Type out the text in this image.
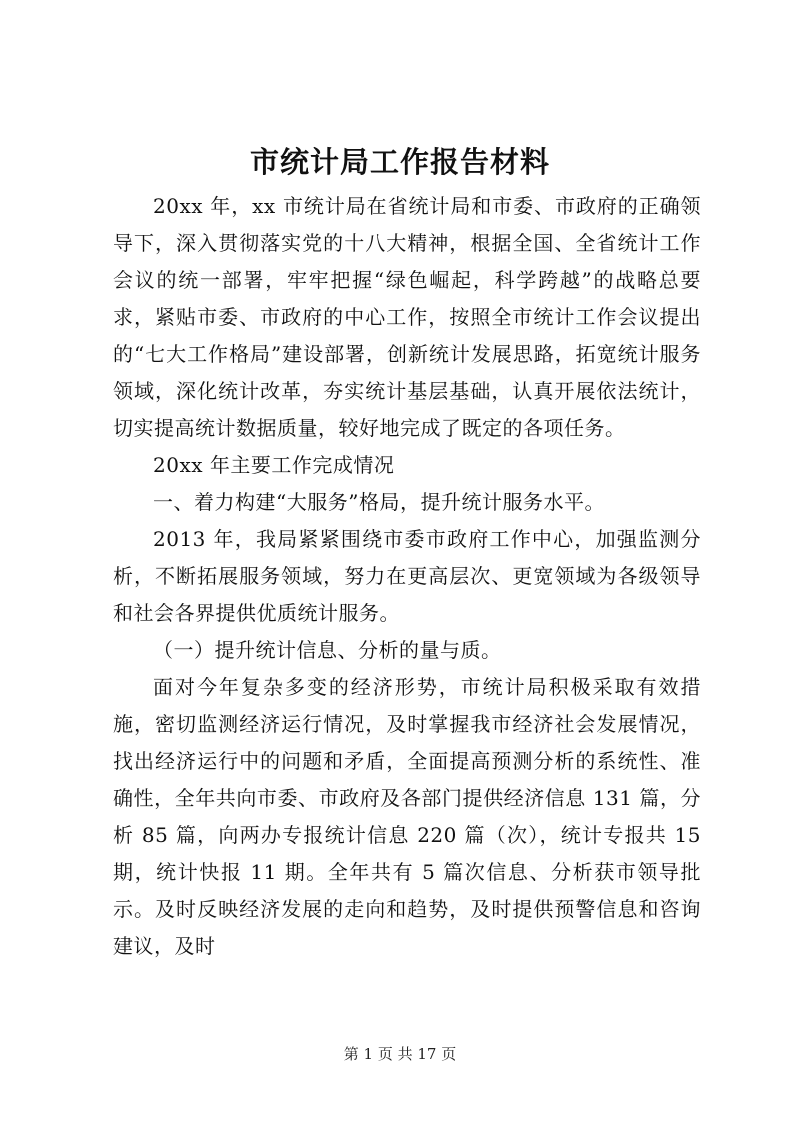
市统计局工作报告材料

20xx 年，xx 市统计局在省统计局和市委、市政府的正确领导下，深入贯彻落实党的十八大精神，根据全国、全省统计工作会议的统一部署，牢牢把握“绿色崛起，科学跨越”的战略总要求，紧贴市委、市政府的中心工作，按照全市统计工作会议提出的“七大工作格局”建设部署，创新统计发展思路，拓宽统计服务领域，深化统计改革，夯实统计基层基础，认真开展依法统计，切实提高统计数据质量，较好地完成了既定的各项任务。

20xx 年主要工作完成情况

一、着力构建“大服务”格局，提升统计服务水平。

2013 年，我局紧紧围绕市委市政府工作中心，加强监测分析，不断拓展服务领域，努力在更高层次、更宽领域为各级领导和社会各界提供优质统计服务。

（一）提升统计信息、分析的量与质。

面对今年复杂多变的经济形势，市统计局积极采取有效措施，密切监测经济运行情况，及时掌握我市经济社会发展情况，找出经济运行中的问题和矛盾，全面提高预测分析的系统性、准确性，全年共向市委、市政府及各部门提供经济信息 131 篇，分析 85 篇，向两办专报统计信息 220 篇（次），统计专报共 15 期，统计快报 11 期。全年共有 5 篇次信息、分析获市领导批示。及时反映经济发展的走向和趋势，及时提供预警信息和咨询建议，及时

第 1 页 共 17 页
